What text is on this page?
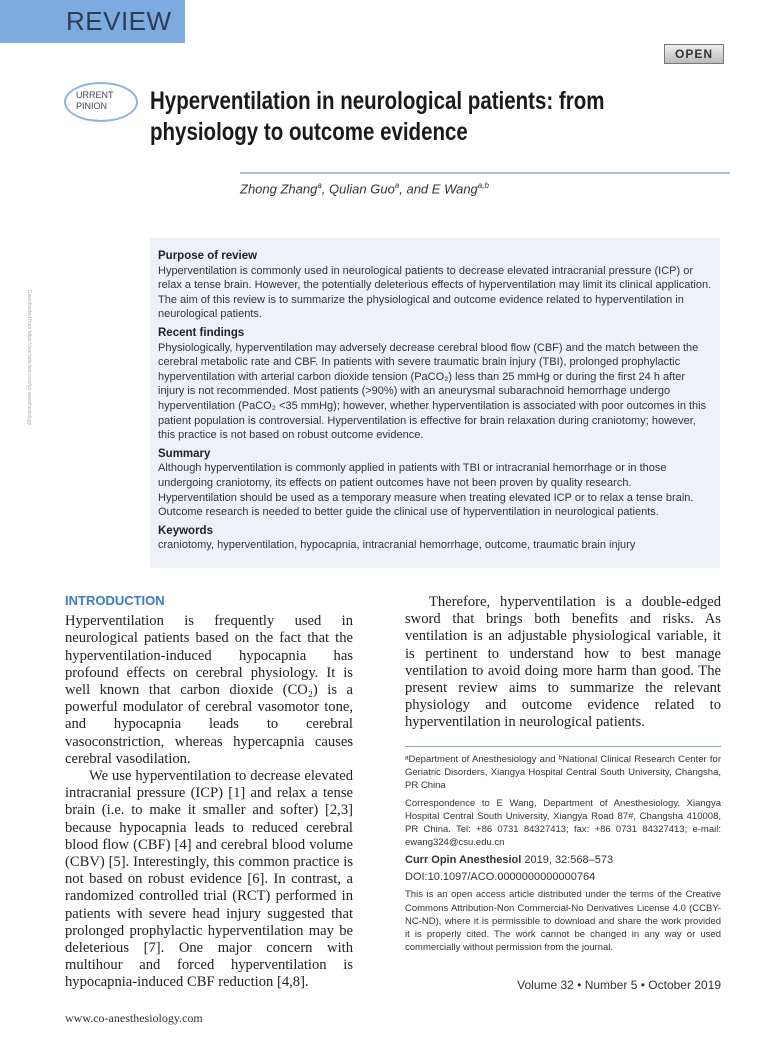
REVIEW
OPEN
URRENT
PINION	Hyperventilation in neurological patients: from physiology to outcome evidence
Zhong Zhang$^a$, Qulian Guo$^a$, and E Wang$^{a,b}$
Downloaded from https://journals.lww.com/co-anesthesiology
Purpose of review

Hyperventilation is commonly used in neurological patients to decrease elevated intracranial pressure (ICP) or relax a tense brain. However, the potentially deleterious effects of hyperventilation may limit its clinical application. The aim of this review is to summarize the physiological and outcome evidence related to hyperventilation in neurological patients.

Recent findings

Physiologically, hyperventilation may adversely decrease cerebral blood flow (CBF) and the match between the cerebral metabolic rate and CBF. In patients with severe traumatic brain injury (TBI), prolonged prophylactic hyperventilation with arterial carbon dioxide tension (PaCO₂) less than 25 mmHg or during the first 24 h after injury is not recommended. Most patients (>90%) with an aneurysmal subarachnoid hemorrhage undergo hyperventilation (PaCO₂ <35 mmHg); however, whether hyperventilation is associated with poor outcomes in this patient population is controversial. Hyperventilation is effective for brain relaxation during craniotomy; however, this practice is not based on robust outcome evidence.

Summary

Although hyperventilation is commonly applied in patients with TBI or intracranial hemorrhage or in those undergoing craniotomy, its effects on patient outcomes have not been proven by quality research. Hyperventilation should be used as a temporary measure when treating elevated ICP or to relax a tense brain. Outcome research is needed to better guide the clinical use of hyperventilation in neurological patients.

Keywords

craniotomy, hyperventilation, hypocapnia, intracranial hemorrhage, outcome, traumatic brain injury

INTRODUCTION

Hyperventilation is frequently used in neurological patients based on the fact that the hyperventilation-induced hypocapnia has profound effects on cerebral physiology. It is well known that carbon dioxide (CO₂) is a powerful modulator of cerebral vasomotor tone, and hypocapnia leads to cerebral vasoconstriction, whereas hypercapnia causes cerebral vasodilation.

We use hyperventilation to decrease elevated intracranial pressure (ICP) [1] and relax a tense brain (i.e. to make it smaller and softer) [2,3] because hypocapnia leads to reduced cerebral blood flow (CBF) [4] and cerebral blood volume (CBV) [5]. Interestingly, this common practice is not based on robust evidence [6]. In contrast, a randomized controlled trial (RCT) performed in patients with severe head injury suggested that prolonged prophylactic hyperventilation may be deleterious [7]. One major concern with multihour and forced hyperventilation is hypocapnia-induced CBF reduction [4,8].

www.co-anesthesiology.com

Therefore, hyperventilation is a double-edged sword that brings both benefits and risks. As ventilation is an adjustable physiological variable, it is pertinent to understand how to best manage ventilation to avoid doing more harm than good. The present review aims to summarize the relevant physiology and outcome evidence related to hyperventilation in neurological patients.

ᵃDepartment of Anesthesiology and ᵇNational Clinical Research Center for Geriatric Disorders, Xiangya Hospital Central South University, Changsha, PR China

Correspondence to E Wang, Department of Anesthesiology, Xiangya Hospital Central South University, Xiangya Road 87#, Changsha 410008, PR China. Tel: +86 0731 84327413; fax: +86 0731 84327413; e-mail: ewang324@csu.edu.cn

Curr Opin Anesthesiol 2019, 32:568–573

DOI:10.1097/ACO.0000000000000764

This is an open access article distributed under the terms of the Creative Commons Attribution-Non Commercial-No Derivatives License 4.0 (CCBY-NC-ND), where it is permissible to download and share the work provided it is properly cited. The work cannot be changed in any way or used commercially without permission from the journal.

Volume 32 • Number 5 • October 2019
